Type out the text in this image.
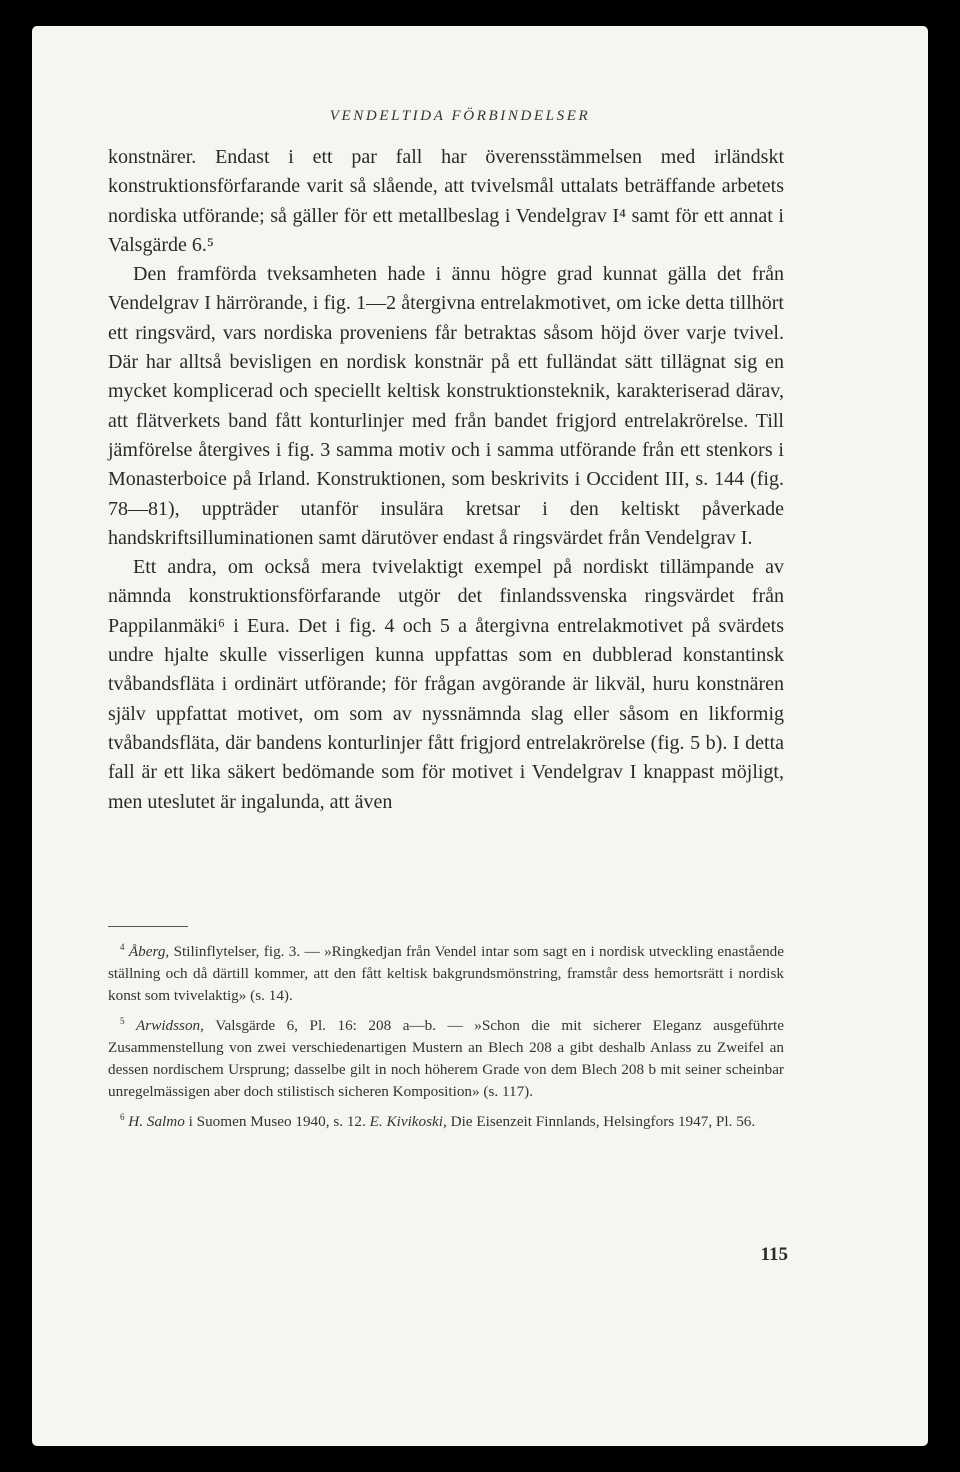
VENDELTIDA FÖRBINDELSER

konstnärer. Endast i ett par fall har överensstämmelsen med irländskt konstruktionsförfarande varit så slående, att tvivelsmål uttalats beträffande arbetets nordiska utförande; så gäller för ett metallbeslag i Vendelgrav I⁴ samt för ett annat i Valsgärde 6.⁵

Den framförda tveksamheten hade i ännu högre grad kunnat gälla det från Vendelgrav I härrörande, i fig. 1—2 återgivna entrelakmotivet, om icke detta tillhört ett ringsvärd, vars nordiska proveniens får betraktas såsom höjd över varje tvivel. Där har alltså bevisligen en nordisk konstnär på ett fulländat sätt tillägnat sig en mycket komplicerad och speciellt keltisk konstruktionsteknik, karakteriserad därav, att flätverkets band fått konturlinjer med från bandet frigjord entrelakrörelse. Till jämförelse återgives i fig. 3 samma motiv och i samma utförande från ett stenkors i Monasterboice på Irland. Konstruktionen, som beskrivits i Occident III, s. 144 (fig. 78—81), uppträder utanför insulära kretsar i den keltiskt påverkade handskriftsilluminationen samt därutöver endast å ringsvärdet från Vendelgrav I.

Ett andra, om också mera tvivelaktigt exempel på nordiskt tillämpande av nämnda konstruktionsförfarande utgör det finlandssvenska ringsvärdet från Pappilanmäki⁶ i Eura. Det i fig. 4 och 5 a återgivna entrelakmotivet på svärdets undre hjalte skulle visserligen kunna uppfattas som en dubblerad konstantinsk tvåbandsfläta i ordinärt utförande; för frågan avgörande är likväl, huru konstnären själv uppfattat motivet, om som av nyssnämnda slag eller såsom en likformig tvåbandsfläta, där bandens konturlinjer fått frigjord entrelakrörelse (fig. 5 b). I detta fall är ett lika säkert bedömande som för motivet i Vendelgrav I knappast möjligt, men uteslutet är ingalunda, att även

$^4$ Åberg, Stilinflytelser, fig. 3. — »Ringkedjan från Vendel intar som sagt en i nordisk utveckling enastående ställning och då därtill kommer, att den fått keltisk bakgrundsmönstring, framstår dess hemortsrätt i nordisk konst som tvivelaktig» (s. 14).

$^5$ Arwidsson, Valsgärde 6, Pl. 16: 208 a—b. — »Schon die mit sicherer Eleganz ausgeführte Zusammenstellung von zwei verschiedenartigen Mustern an Blech 208 a gibt deshalb Anlass zu Zweifel an dessen nordischem Ursprung; dasselbe gilt in noch höherem Grade von dem Blech 208 b mit seiner scheinbar unregelmässigen aber doch stilistisch sicheren Komposition» (s. 117).

$^6$ H. Salmo i Suomen Museo 1940, s. 12. E. Kivikoski, Die Eisenzeit Finnlands, Helsingfors 1947, Pl. 56.

115
